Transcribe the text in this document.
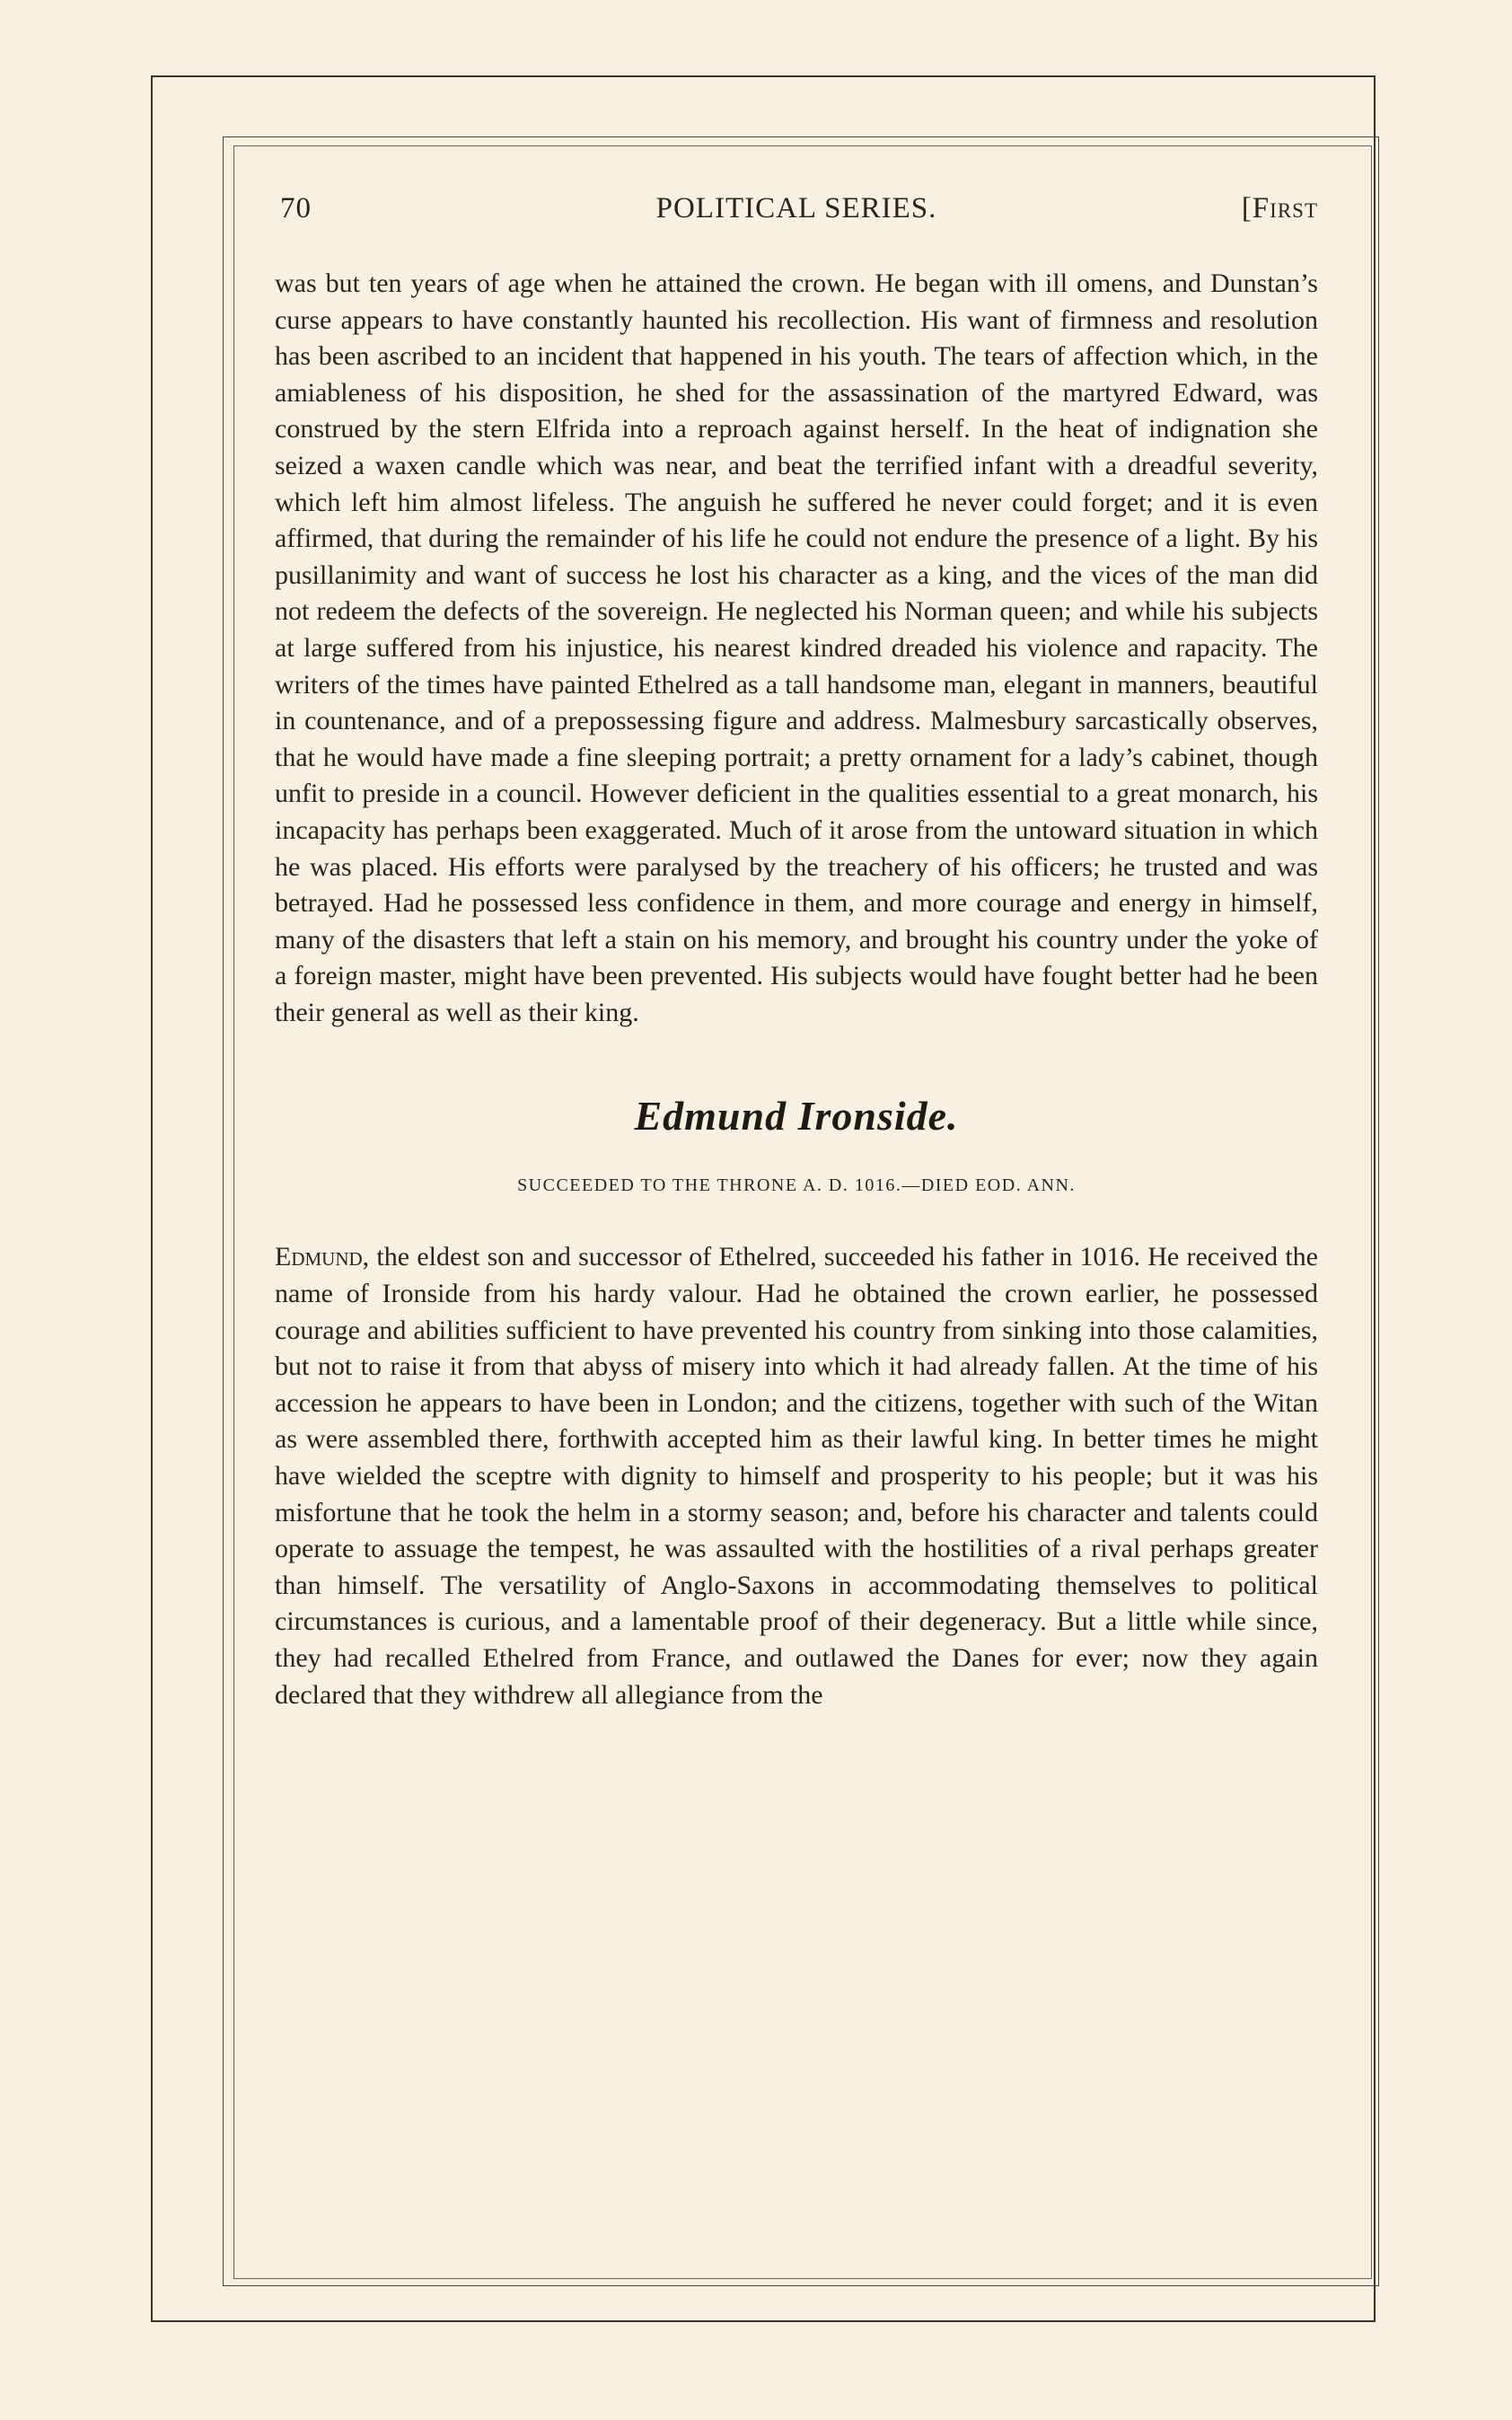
70	POLITICAL SERIES.	[First

was but ten years of age when he attained the crown. He began with ill omens, and Dunstan’s curse appears to have constantly haunted his recollection. His want of firmness and resolution has been ascribed to an incident that happened in his youth. The tears of affection which, in the amiableness of his disposition, he shed for the assassination of the martyred Edward, was construed by the stern Elfrida into a reproach against herself. In the heat of indignation she seized a waxen candle which was near, and beat the terrified infant with a dreadful severity, which left him almost lifeless. The anguish he suffered he never could forget; and it is even affirmed, that during the remainder of his life he could not endure the presence of a light. By his pusillanimity and want of success he lost his character as a king, and the vices of the man did not redeem the defects of the sovereign. He neglected his Norman queen; and while his subjects at large suffered from his injustice, his nearest kindred dreaded his violence and rapacity. The writers of the times have painted Ethelred as a tall handsome man, elegant in manners, beautiful in countenance, and of a prepossessing figure and address. Malmesbury sarcastically observes, that he would have made a fine sleeping portrait; a pretty ornament for a lady’s cabinet, though unfit to preside in a council. However deficient in the qualities essential to a great monarch, his incapacity has perhaps been exaggerated. Much of it arose from the untoward situation in which he was placed. His efforts were paralysed by the treachery of his officers; he trusted and was betrayed. Had he possessed less confidence in them, and more courage and energy in himself, many of the disasters that left a stain on his memory, and brought his country under the yoke of a foreign master, might have been prevented. His subjects would have fought better had he been their general as well as their king.

Edmund Ironside.
SUCCEEDED TO THE THRONE A. D. 1016.—DIED EOD. ANN.

Edmund, the eldest son and successor of Ethelred, succeeded his father in 1016. He received the name of Ironside from his hardy valour. Had he obtained the crown earlier, he possessed courage and abilities sufficient to have prevented his country from sinking into those calamities, but not to raise it from that abyss of misery into which it had already fallen. At the time of his accession he appears to have been in London; and the citizens, together with such of the Witan as were assembled there, forthwith accepted him as their lawful king. In better times he might have wielded the sceptre with dignity to himself and prosperity to his people; but it was his misfortune that he took the helm in a stormy season; and, before his character and talents could operate to assuage the tempest, he was assaulted with the hostilities of a rival perhaps greater than himself. The versatility of Anglo-Saxons in accommodating themselves to political circumstances is curious, and a lamentable proof of their degeneracy. But a little while since, they had recalled Ethelred from France, and outlawed the Danes for ever; now they again declared that they withdrew all allegiance from the
